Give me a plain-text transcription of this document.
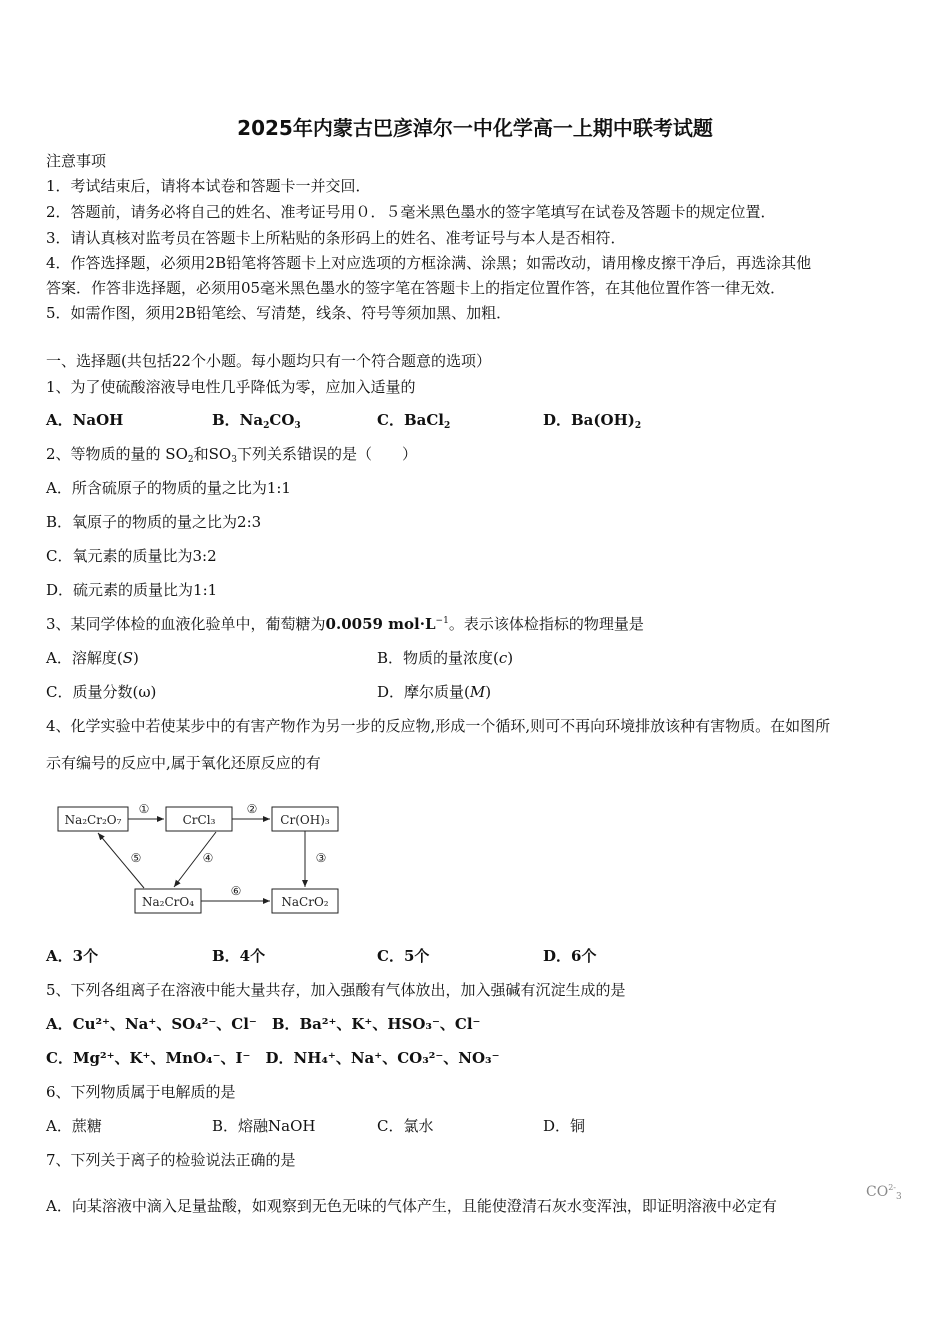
2025年内蒙古巴彦淖尔一中化学高一上期中联考试题
注意事项
1．考试结束后，请将本试卷和答题卡一并交回．
2．答题前，请务必将自己的姓名、准考证号用０．５毫米黑色墨水的签字笔填写在试卷及答题卡的规定位置．
3．请认真核对监考员在答题卡上所粘贴的条形码上的姓名、准考证号与本人是否相符．
4．作答选择题，必须用2B铅笔将答题卡上对应选项的方框涂满、涂黑；如需改动，请用橡皮擦干净后，再选涂其他
答案．作答非选择题，必须用05毫米黑色墨水的签字笔在答题卡上的指定位置作答，在其他位置作答一律无效．
5．如需作图，须用2B铅笔绘、写清楚，线条、符号等须加黑、加粗．
一、选择题(共包括22个小题。每小题均只有一个符合题意的选项）
1、为了使硫酸溶液导电性几乎降低为零，应加入适量的
A．NaOH	B．$Na_2CO_3$	C．BaCl$_2$	D．$Ba(OH)_2$
2、等物质的量的 $SO_2$和$SO_3$下列关系错误的是（　　）
A．所含硫原子的物质的量之比为1:1
B．氧原子的物质的量之比为2:3
C．氧元素的质量比为3:2
D．硫元素的质量比为1:1
3、某同学体检的血液化验单中，葡萄糖为0.0059 $mol\cdot L^{-1}$。表示该体检指标的物理量是
A．溶解度(S)	B．物质的量浓度(c)
C．质量分数(ω)	D．摩尔质量(M)
4、化学实验中若使某步中的有害产物作为另一步的反应物,形成一个循环,则可不再向环境排放该种有害物质。在如图所
示有编号的反应中,属于氧化还原反应的有
Na₂Cr₂O₇	CrCl₃	Cr(OH)₃
Na₂CrO₄	NaCrO₂
①	②
③
④
⑤
⑥
A．3个	B．4个	C．5个	D．6个
5、下列各组离子在溶液中能大量共存，加入强酸有气体放出，加入强碱有沉淀生成的是
A．Cu²⁺、Na⁺、SO₄²⁻、Cl⁻　B．Ba²⁺、K⁺、HSO₃⁻、Cl⁻
C．Mg²⁺、K⁺、MnO₄⁻、I⁻　D．NH₄⁺、Na⁺、CO₃²⁻、NO₃⁻
6、下列物质属于电解质的是
A．蔗糖	B．熔融NaOH	C．氯水	D．铜
7、下列关于离子的检验说法正确的是
A．向某溶液中滴入足量盐酸，如观察到无色无味的气体产生，且能使澄清石灰水变浑浊，即证明溶液中必定有
$CO^{2-}_3$
